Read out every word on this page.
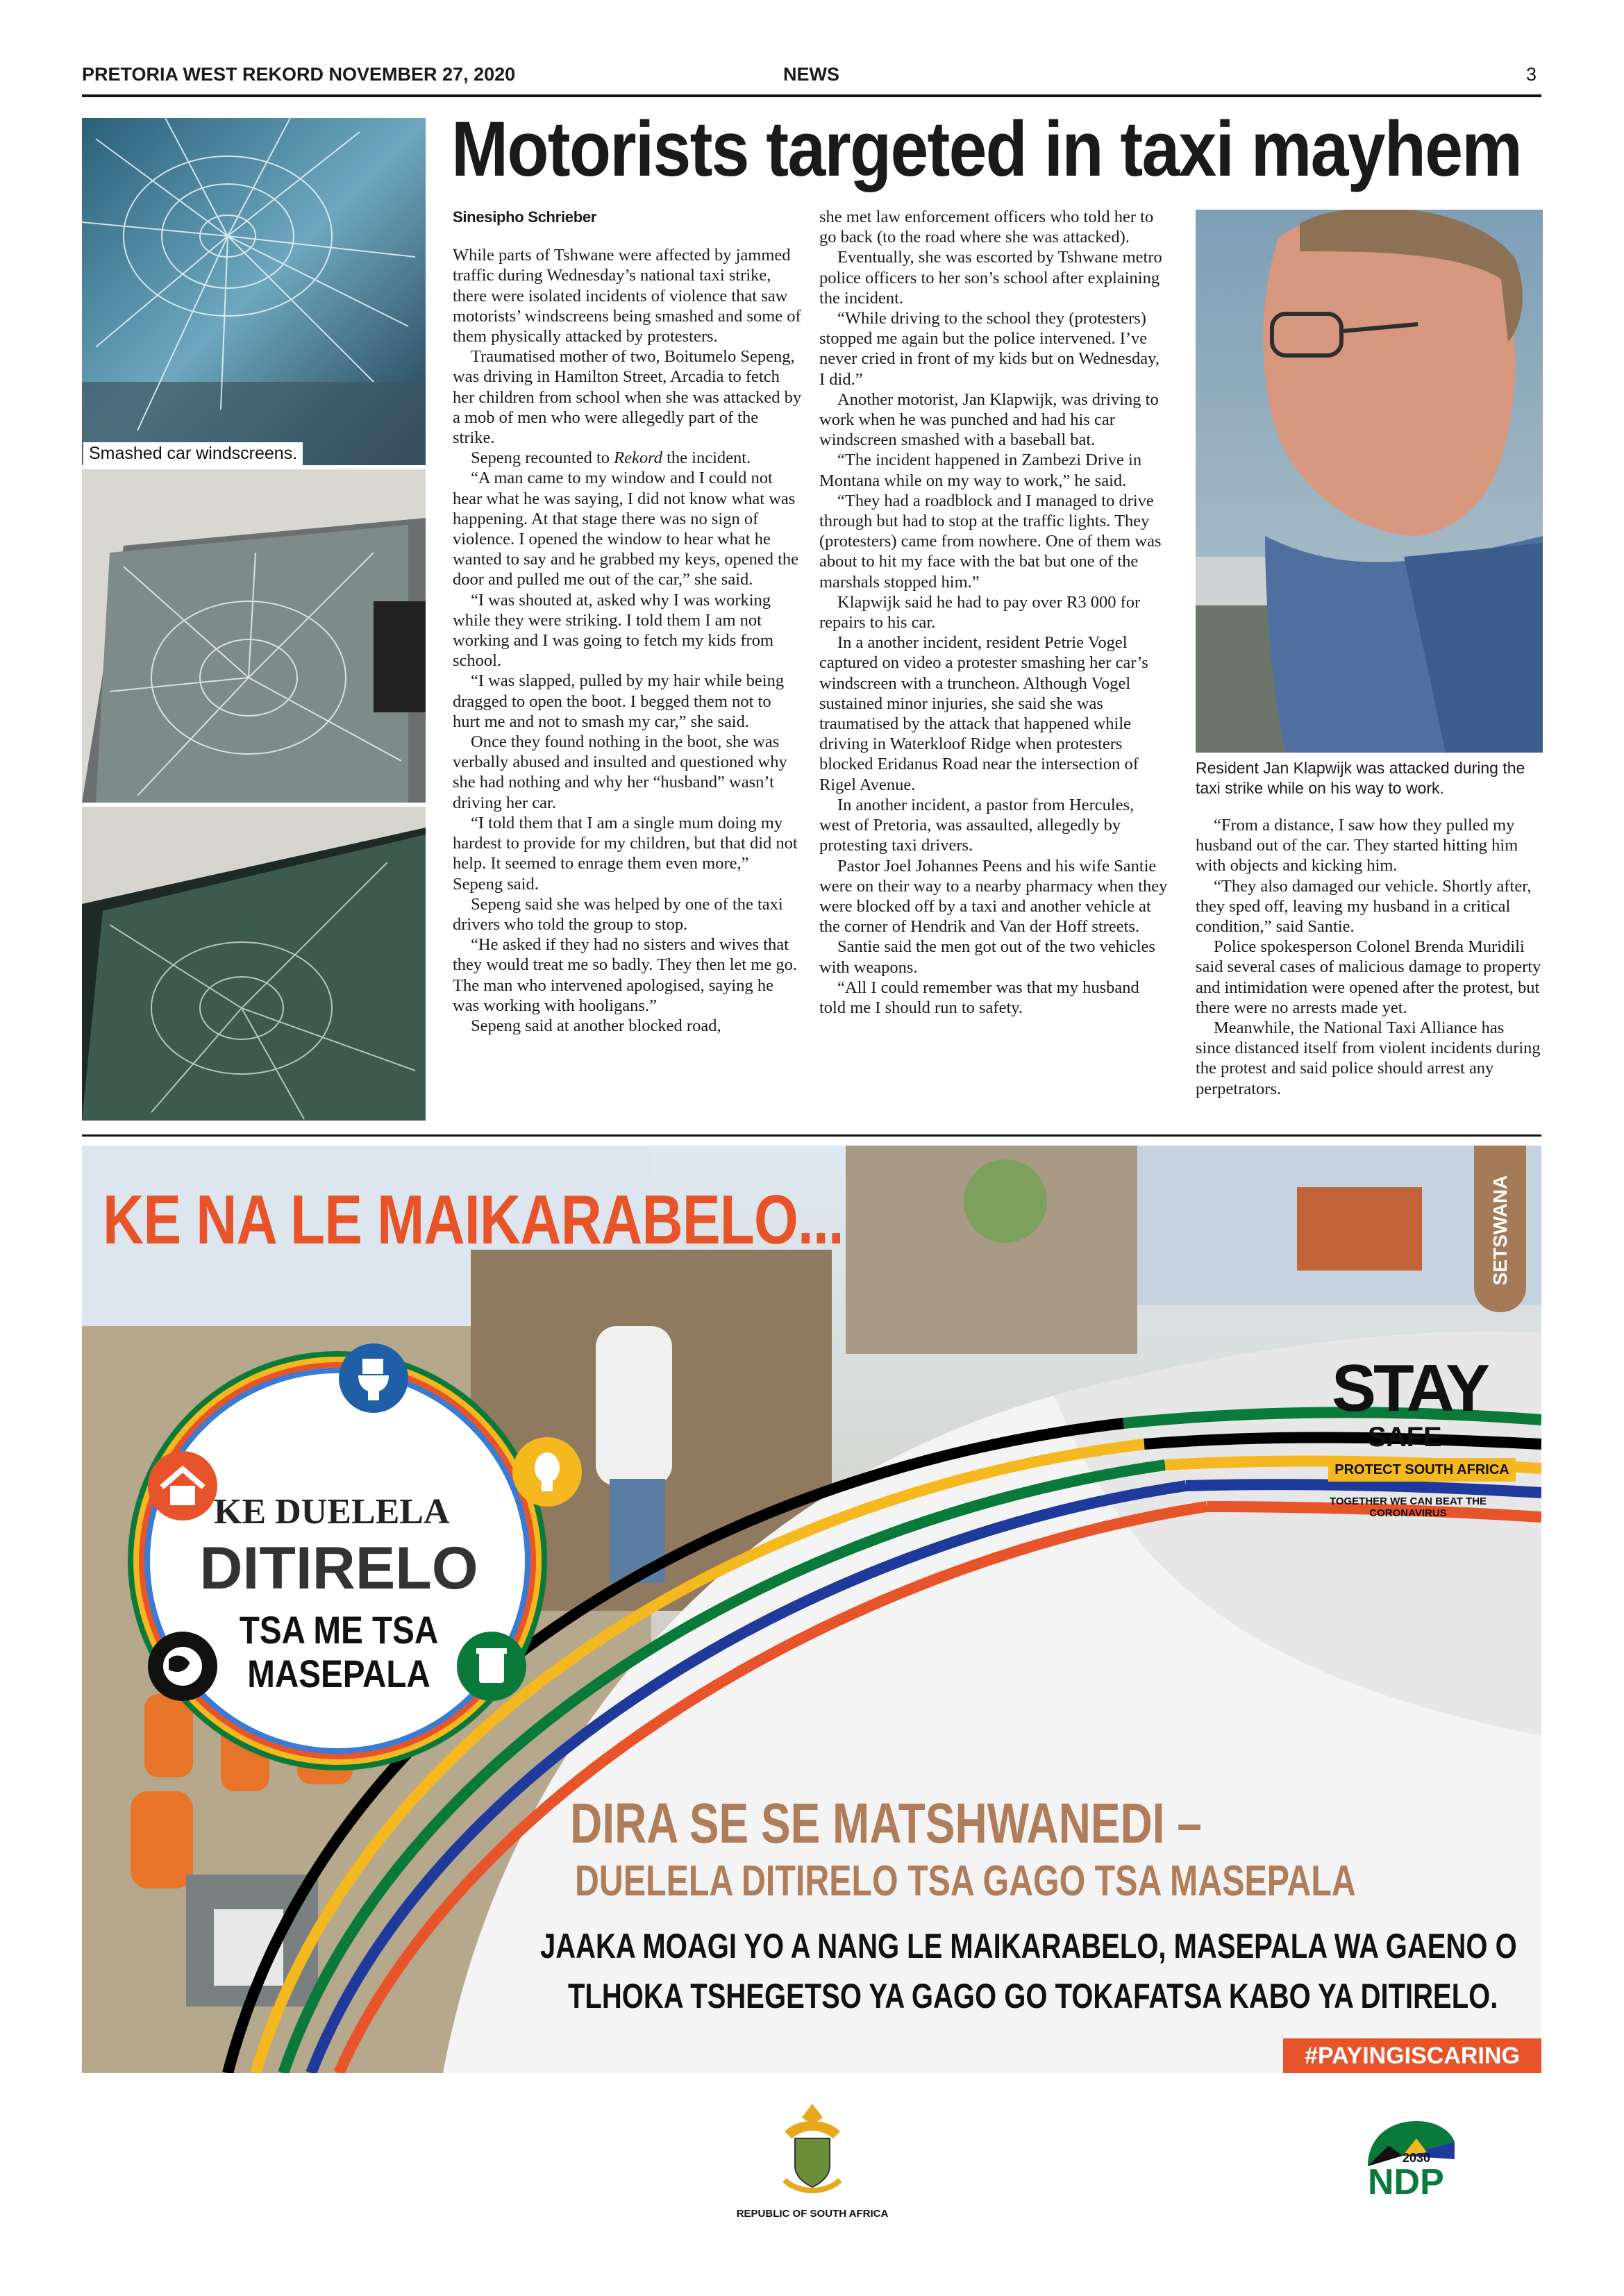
PRETORIA WEST REKORD NOVEMBER 27, 2020	NEWS	3
Motorists targeted in taxi mayhem
Smashed car windscreens.
Sinesipho Schrieber

While parts of Tshwane were affected by jammed traffic during Wednesday’s national taxi strike, there were isolated incidents of violence that saw motorists’ windscreens being smashed and some of them physically attacked by protesters.

Traumatised mother of two, Boitumelo Sepeng, was driving in Hamilton Street, Arcadia to fetch her children from school when she was attacked by a mob of men who were allegedly part of the strike.

Sepeng recounted to Rekord the incident.

“A man came to my window and I could not hear what he was saying, I did not know what was happening. At that stage there was no sign of violence. I opened the window to hear what he wanted to say and he grabbed my keys, opened the door and pulled me out of the car,” she said.

“I was shouted at, asked why I was working while they were striking. I told them I am not working and I was going to fetch my kids from school.

“I was slapped, pulled by my hair while being dragged to open the boot. I begged them not to hurt me and not to smash my car,” she said.

Once they found nothing in the boot, she was verbally abused and insulted and questioned why she had nothing and why her “husband” wasn’t driving her car.

“I told them that I am a single mum doing my hardest to provide for my children, but that did not help. It seemed to enrage them even more,” Sepeng said.

Sepeng said she was helped by one of the taxi drivers who told the group to stop.

“He asked if they had no sisters and wives that they would treat me so badly. They then let me go. The man who intervened apologised, saying he was working with hooligans.”

Sepeng said at another blocked road,

she met law enforcement officers who told her to go back (to the road where she was attacked).

Eventually, she was escorted by Tshwane metro police officers to her son’s school after explaining the incident.

“While driving to the school they (protesters) stopped me again but the police intervened. I’ve never cried in front of my kids but on Wednesday, I did.”

Another motorist, Jan Klapwijk, was driving to work when he was punched and had his car windscreen smashed with a baseball bat.

“The incident happened in Zambezi Drive in Montana while on my way to work,” he said.

“They had a roadblock and I managed to drive through but had to stop at the traffic lights. They (protesters) came from nowhere. One of them was about to hit my face with the bat but one of the marshals stopped him.”

Klapwijk said he had to pay over R3 000 for repairs to his car.

In a another incident, resident Petrie Vogel captured on video a protester smashing her car’s windscreen with a truncheon. Although Vogel sustained minor injuries, she said she was traumatised by the attack that happened while driving in Waterkloof Ridge when protesters blocked Eridanus Road near the intersection of Rigel Avenue.

In another incident, a pastor from Hercules, west of Pretoria, was assaulted, allegedly by protesting taxi drivers.

Pastor Joel Johannes Peens and his wife Santie were on their way to a nearby pharmacy when they were blocked off by a taxi and another vehicle at the corner of Hendrik and Van der Hoff streets.

Santie said the men got out of the two vehicles with weapons.

“All I could remember was that my husband told me I should run to safety.

Resident Jan Klapwijk was attacked during the taxi strike while on his way to work.

“From a distance, I saw how they pulled my husband out of the car. They started hitting him with objects and kicking him.

“They also damaged our vehicle. Shortly after, they sped off, leaving my husband in a critical condition,” said Santie.

Police spokesperson Colonel Brenda Muridili said several cases of malicious damage to property and intimidation were opened after the protest, but there were no arrests made yet.

Meanwhile, the National Taxi Alliance has since distanced itself from violent incidents during the protest and said police should arrest any perpetrators.

KE NA LE MAIKARABELO...	SETSWANA
KE DUELELA
DITIRELO
TSA ME TSA
MASEPALA
STAY
SAFE
PROTECT SOUTH AFRICA
TOGETHER WE CAN BEAT THE CORONAVIRUS
DIRA SE SE MATSHWANEDI –
DUELELA DITIRELO TSA GAGO TSA MASEPALA
JAAKA MOAGI YO A NANG LE MAIKARABELO, MASEPALA WA GAENO O
TLHOKA TSHEGETSO YA GAGO GO TOKAFATSA KABO YA DITIRELO.
#PAYINGISCARING
REPUBLIC OF SOUTH AFRICA
2030
NDP
